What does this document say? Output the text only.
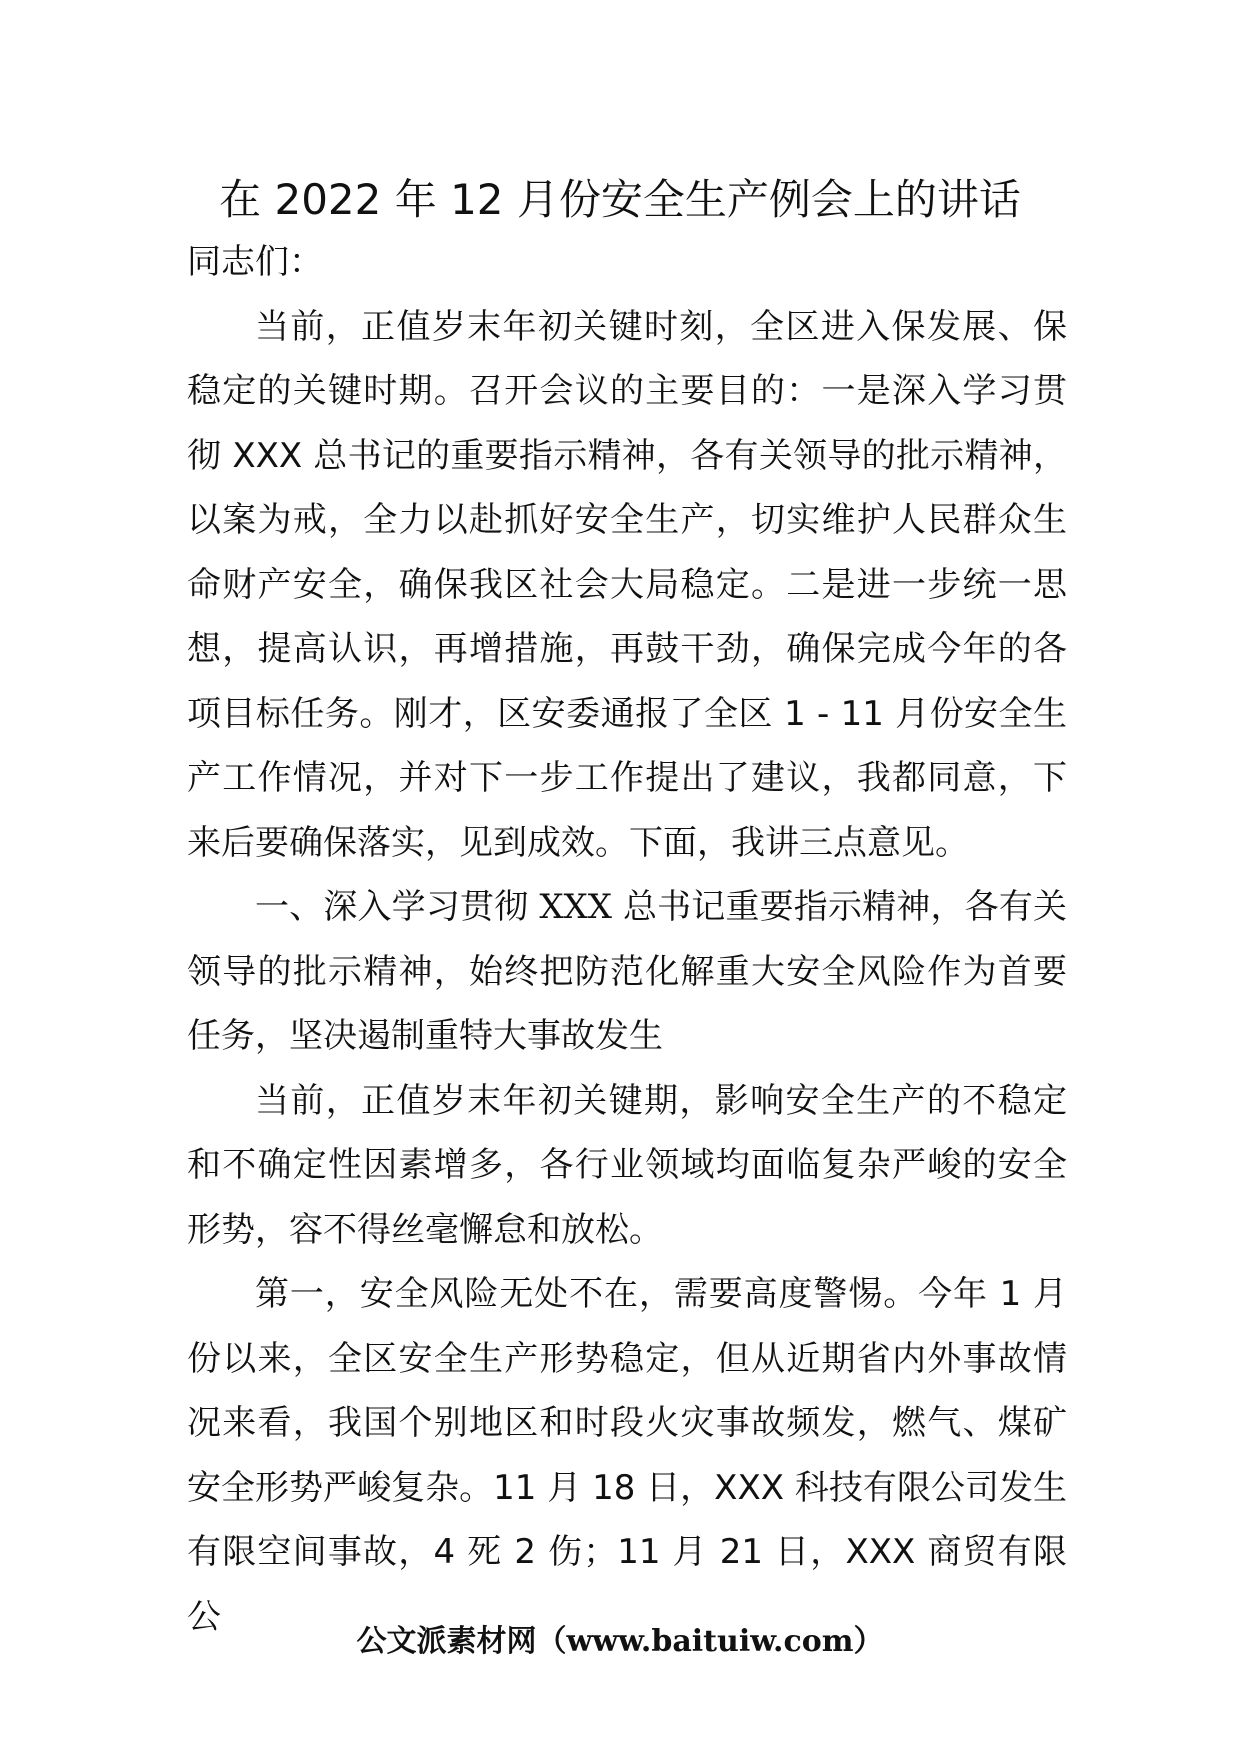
在 2022 年 12 月份安全生产例会上的讲话

同志们：

当前，正值岁末年初关键时刻，全区进入保发展、保稳定的关键时期。召开会议的主要目的：一是深入学习贯彻 XXX 总书记的重要指示精神，各有关领导的批示精神，以案为戒，全力以赴抓好安全生产，切实维护人民群众生命财产安全，确保我区社会大局稳定。二是进一步统一思想，提高认识，再增措施，再鼓干劲，确保完成今年的各项目标任务。刚才，区安委通报了全区 1 - 11 月份安全生产工作情况，并对下一步工作提出了建议，我都同意，下来后要确保落实，见到成效。下面，我讲三点意见。

一、深入学习贯彻 XXX 总书记重要指示精神，各有关领导的批示精神，始终把防范化解重大安全风险作为首要任务，坚决遏制重特大事故发生

当前，正值岁末年初关键期，影响安全生产的不稳定和不确定性因素增多，各行业领域均面临复杂严峻的安全形势，容不得丝毫懈怠和放松。

第一，安全风险无处不在，需要高度警惕。今年 1 月份以来，全区安全生产形势稳定，但从近期省内外事故情况来看，我国个别地区和时段火灾事故频发，燃气、煤矿安全形势严峻复杂。11 月 18 日，XXX 科技有限公司发生有限空间事故，4 死 2 伤；11 月 21 日，XXX 商贸有限公

公文派素材网（www.baituiw.com）
